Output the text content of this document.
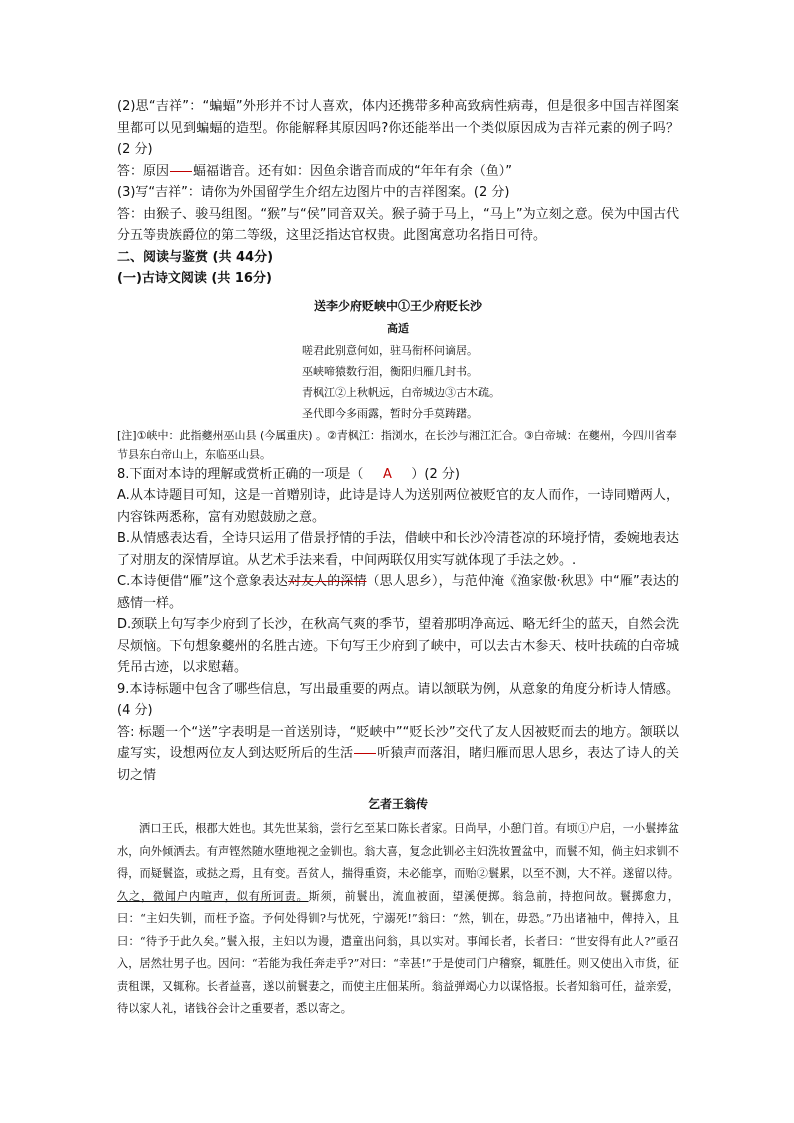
(2)思“吉祥”：“蝙蝠”外形并不讨人喜欢，体内还携带多种高致病性病毒，但是很多中国吉祥图案里都可以见到蝙蝠的造型。你能解释其原因吗?你还能举出一个类似原因成为吉祥元素的例子吗？(2 分)

答：原因 蝠福谐音。还有如：因鱼余谐音而成的“年年有余（鱼）”

(3)写“吉祥”：请你为外国留学生介绍左边图片中的吉祥图案。(2 分)

答：由猴子、骏马组图。“猴”与“侯”同音双关。猴子骑于马上，“马上”为立刻之意。侯为中国古代分五等贵族爵位的第二等级，这里泛指达官权贵。此图寓意功名指日可待。

二、阅读与鉴赏 (共 44分)

(一)古诗文阅读 (共 16分)

送李少府贬峡中①王少府贬长沙

高适

嗟君此别意何如，驻马衔杯问谪居。

巫峡啼猿数行泪，衡阳归雁几封书。

青枫江②上秋帆远，白帝城边③古木疏。

圣代即今多雨露，暂时分手莫踌躇。

[注]①峡中：此指夔州巫山县 (今属重庆) 。②青枫江：指浏水，在长沙与湘江汇合。③白帝城：在夔州，今四川省奉节县东白帝山上，东临巫山县。

8.下面对本诗的理解或赏析正确的一项是（ A ）(2 分)

A.从本诗题目可知，这是一首赠别诗，此诗是诗人为送别两位被贬官的友人而作，一诗同赠两人，内容铢两悉称，富有劝慰鼓励之意。

B.从情感表达看，全诗只运用了借景抒情的手法，借峡中和长沙冷清苍凉的环境抒情，委婉地表达了对朋友的深情厚谊。从艺术手法来看，中间两联仅用实写就体现了手法之妙。.

C.本诗便借“雁”这个意象表达对友人的深情（思人思乡），与范仲淹《渔家傲·秋思》中“雁”表达的感情一样。

D.颈联上句写李少府到了长沙，在秋高气爽的季节，望着那明净高远、略无纤尘的蓝天，自然会洗尽烦恼。下句想象夔州的名胜古迹。下句写王少府到了峡中，可以去古木参天、枝叶扶疏的白帝城凭吊古迹，以求慰藉。

9.本诗标题中包含了哪些信息，写出最重要的两点。请以颔联为例，从意象的角度分析诗人情感。(4 分)

答: 标题一个“送”字表明是一首送别诗，“贬峡中”“贬长沙”交代了友人因被贬而去的地方。颔联以虚写实，设想两位友人到达贬所后的生活 听猿声而落泪，睹归雁而思人思乡，表达了诗人的关切之情

乞者王翁传

洒口王氏，根郡大姓也。其先世某翁，尝行乞至某口陈长者家。日尚早，小憩门首。有顷①户启，一小鬟捧盆水，向外倾洒去。有声铿然随水堕地视之金钏也。翁大喜，复念此钏必主妇洗妆置盆中，而鬟不知，倘主妇求钏不得，而疑鬟盗，或挞之焉，且有变。吾贫人，揣得重资，未必能享，而贻②鬟累，以至不测，大不祥。遂留以待。久之，微闻户内喧声，似有所诃责。斯须，前鬟出，流血被面，望溪便掷。翁急前，持抱问故。鬟掷愈力，曰：“主妇失钏，而枉予盗。予何处得钏?与忧死，宁溺死!”翁曰：“然，钏在，毋恐。”乃出诸袖中，俾持入，且曰：“待予于此久矣。”鬟入报，主妇以为谩，遣童出问翁，具以实对。事闻长者，长者曰：“世安得有此人?”亟召入，居然壮男子也。因问：“若能为我任奔走乎?”对曰：“幸甚!”于是使司门户稽察，辄胜任。则又使出入市货，征责租课，又辄称。长者益喜，遂以前鬟妻之，而使主庄佃某所。翁益弹竭心力以谋恪报。长者知翁可任，益亲爱，待以家人礼，诸钱谷会计之重要者，悉以寄之。
